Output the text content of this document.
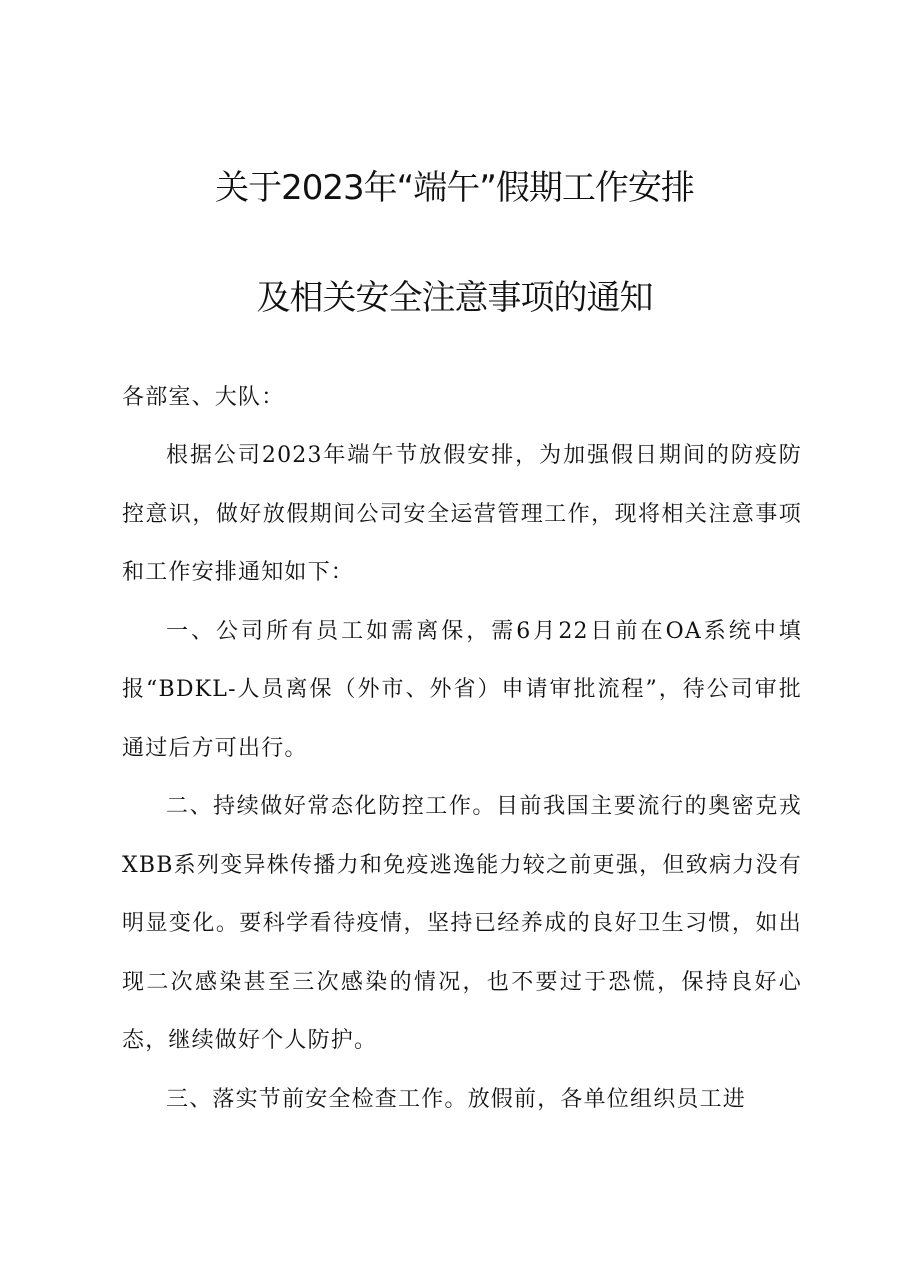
关于2023年“端午”假期工作安排
及相关安全注意事项的通知
各部室、大队：

根据公司2023年端午节放假安排，为加强假日期间的防疫防控意识，做好放假期间公司安全运营管理工作，现将相关注意事项和工作安排通知如下：

一、公司所有员工如需离保，需6月22日前在OA系统中填报“BDKL-人员离保（外市、外省）申请审批流程”，待公司审批通过后方可出行。

二、持续做好常态化防控工作。目前我国主要流行的奥密克戎XBB系列变异株传播力和免疫逃逸能力较之前更强，但致病力没有明显变化。要科学看待疫情，坚持已经养成的良好卫生习惯，如出现二次感染甚至三次感染的情况，也不要过于恐慌，保持良好心态，继续做好个人防护。

三、落实节前安全检查工作。放假前，各单位组织员工进
